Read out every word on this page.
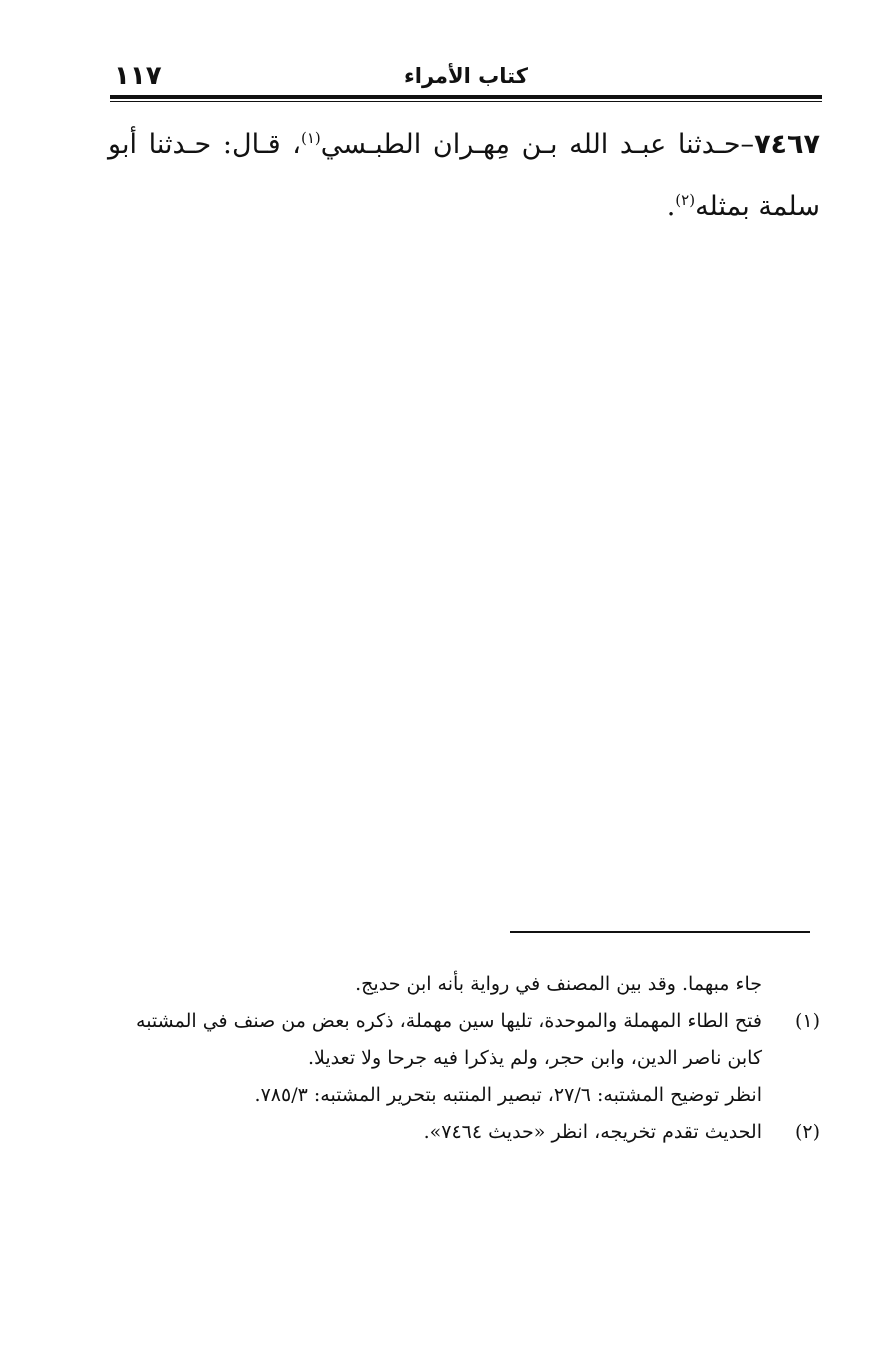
١١٧	كتاب الأمراء
٧٤٦٧–حـدثنا عبـد الله بـن مِهـران الطبـسي$^{(١)}$، قـال: حـدثنا أبو سلمة بمثله$^{(٢)}$.
جاء مبهما. وقد بين المصنف في رواية بأنه ابن حديج.
(١)
فتح الطاء المهملة والموحدة، تليها سين مهملة، ذكره بعض من صنف في المشتبه
كابن ناصر الدين، وابن حجر، ولم يذكرا فيه جرحا ولا تعديلا.
انظر توضيح المشتبه: ٢٧/٦، تبصير المنتبه بتحرير المشتبه: ٧٨٥/٣.
(٢)
الحديث تقدم تخريجه، انظر «حديث ٧٤٦٤».
